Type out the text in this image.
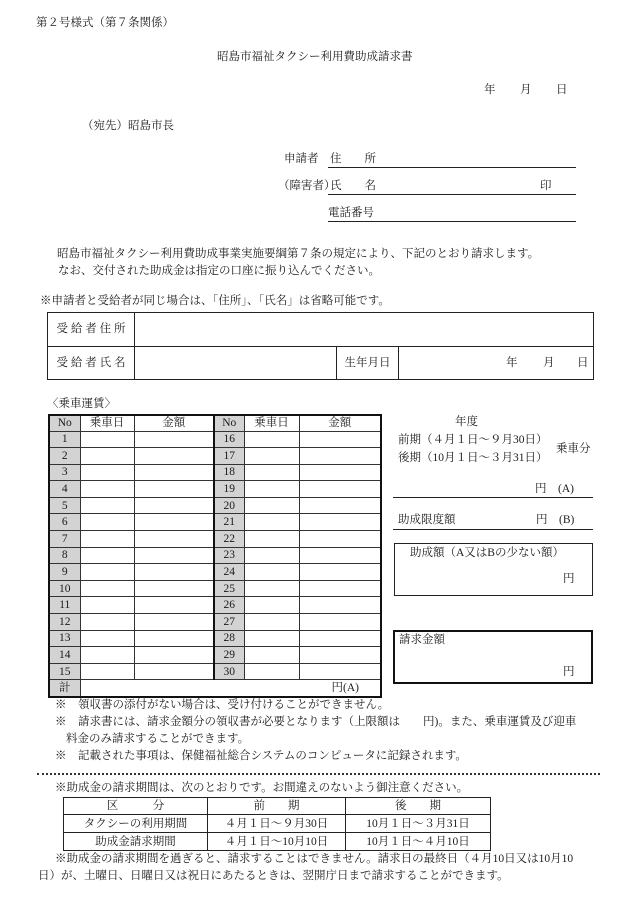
第２号様式（第７条関係）
昭島市福祉タクシー利用費助成請求書
年 月 日
（宛先）昭島市長
申請者 住　　所
（障害者）
氏　　名	印
電話番号
昭島市福祉タクシー利用費助成事業実施要綱第７条の規定により、下記のとおり請求します。
なお、交付された助成金は指定の口座に振り込んでください。
※申請者と受給者が同じ場合は、「住所」、「氏名」は省略可能です。
受 給 者 住 所			
受 給 者 氏 名		生年月日		年 月 日
〈乗車運賃〉
No	乗車日	金額	No	乗車日	金額
1			16		
2			17		
3			18		
4			19		
5			20		
6			21		
7			22		
8			23		
9			24		
10			25		
11			26		
12			27		
13			28		
14			29		
15			30		
計	円(A)				
年度
前期（４月１日～９月30日）
後期（10月１日～３月31日）
乗車分
円　(A)
助成限度額	円　(B)
助成額（A又はBの少ない額）
円
請求金額
円
※　領収書の添付がない場合は、受け付けることができません。
※　請求書には、請求金額分の領収書が必要となります（上限額は　　円)。また、乗車運賃及び迎車
料金のみ請求することができます。
※　記載された事項は、保健福祉総合システムのコンピュータに記録されます。
※助成金の請求期間は、次のとおりです。お間違えのないよう御注意ください。
区　　　分	前　　期	後　　期
タクシーの利用期間	４月１日～９月30日	10月１日～３月31日
助成金請求期間	４月１日～10月10日	10月１日～４月10日
※助成金の請求期間を過ぎると、請求することはできません。請求日の最終日（４月10日又は10月10
日）が、土曜日、日曜日又は祝日にあたるときは、翌開庁日まで請求することができます。
